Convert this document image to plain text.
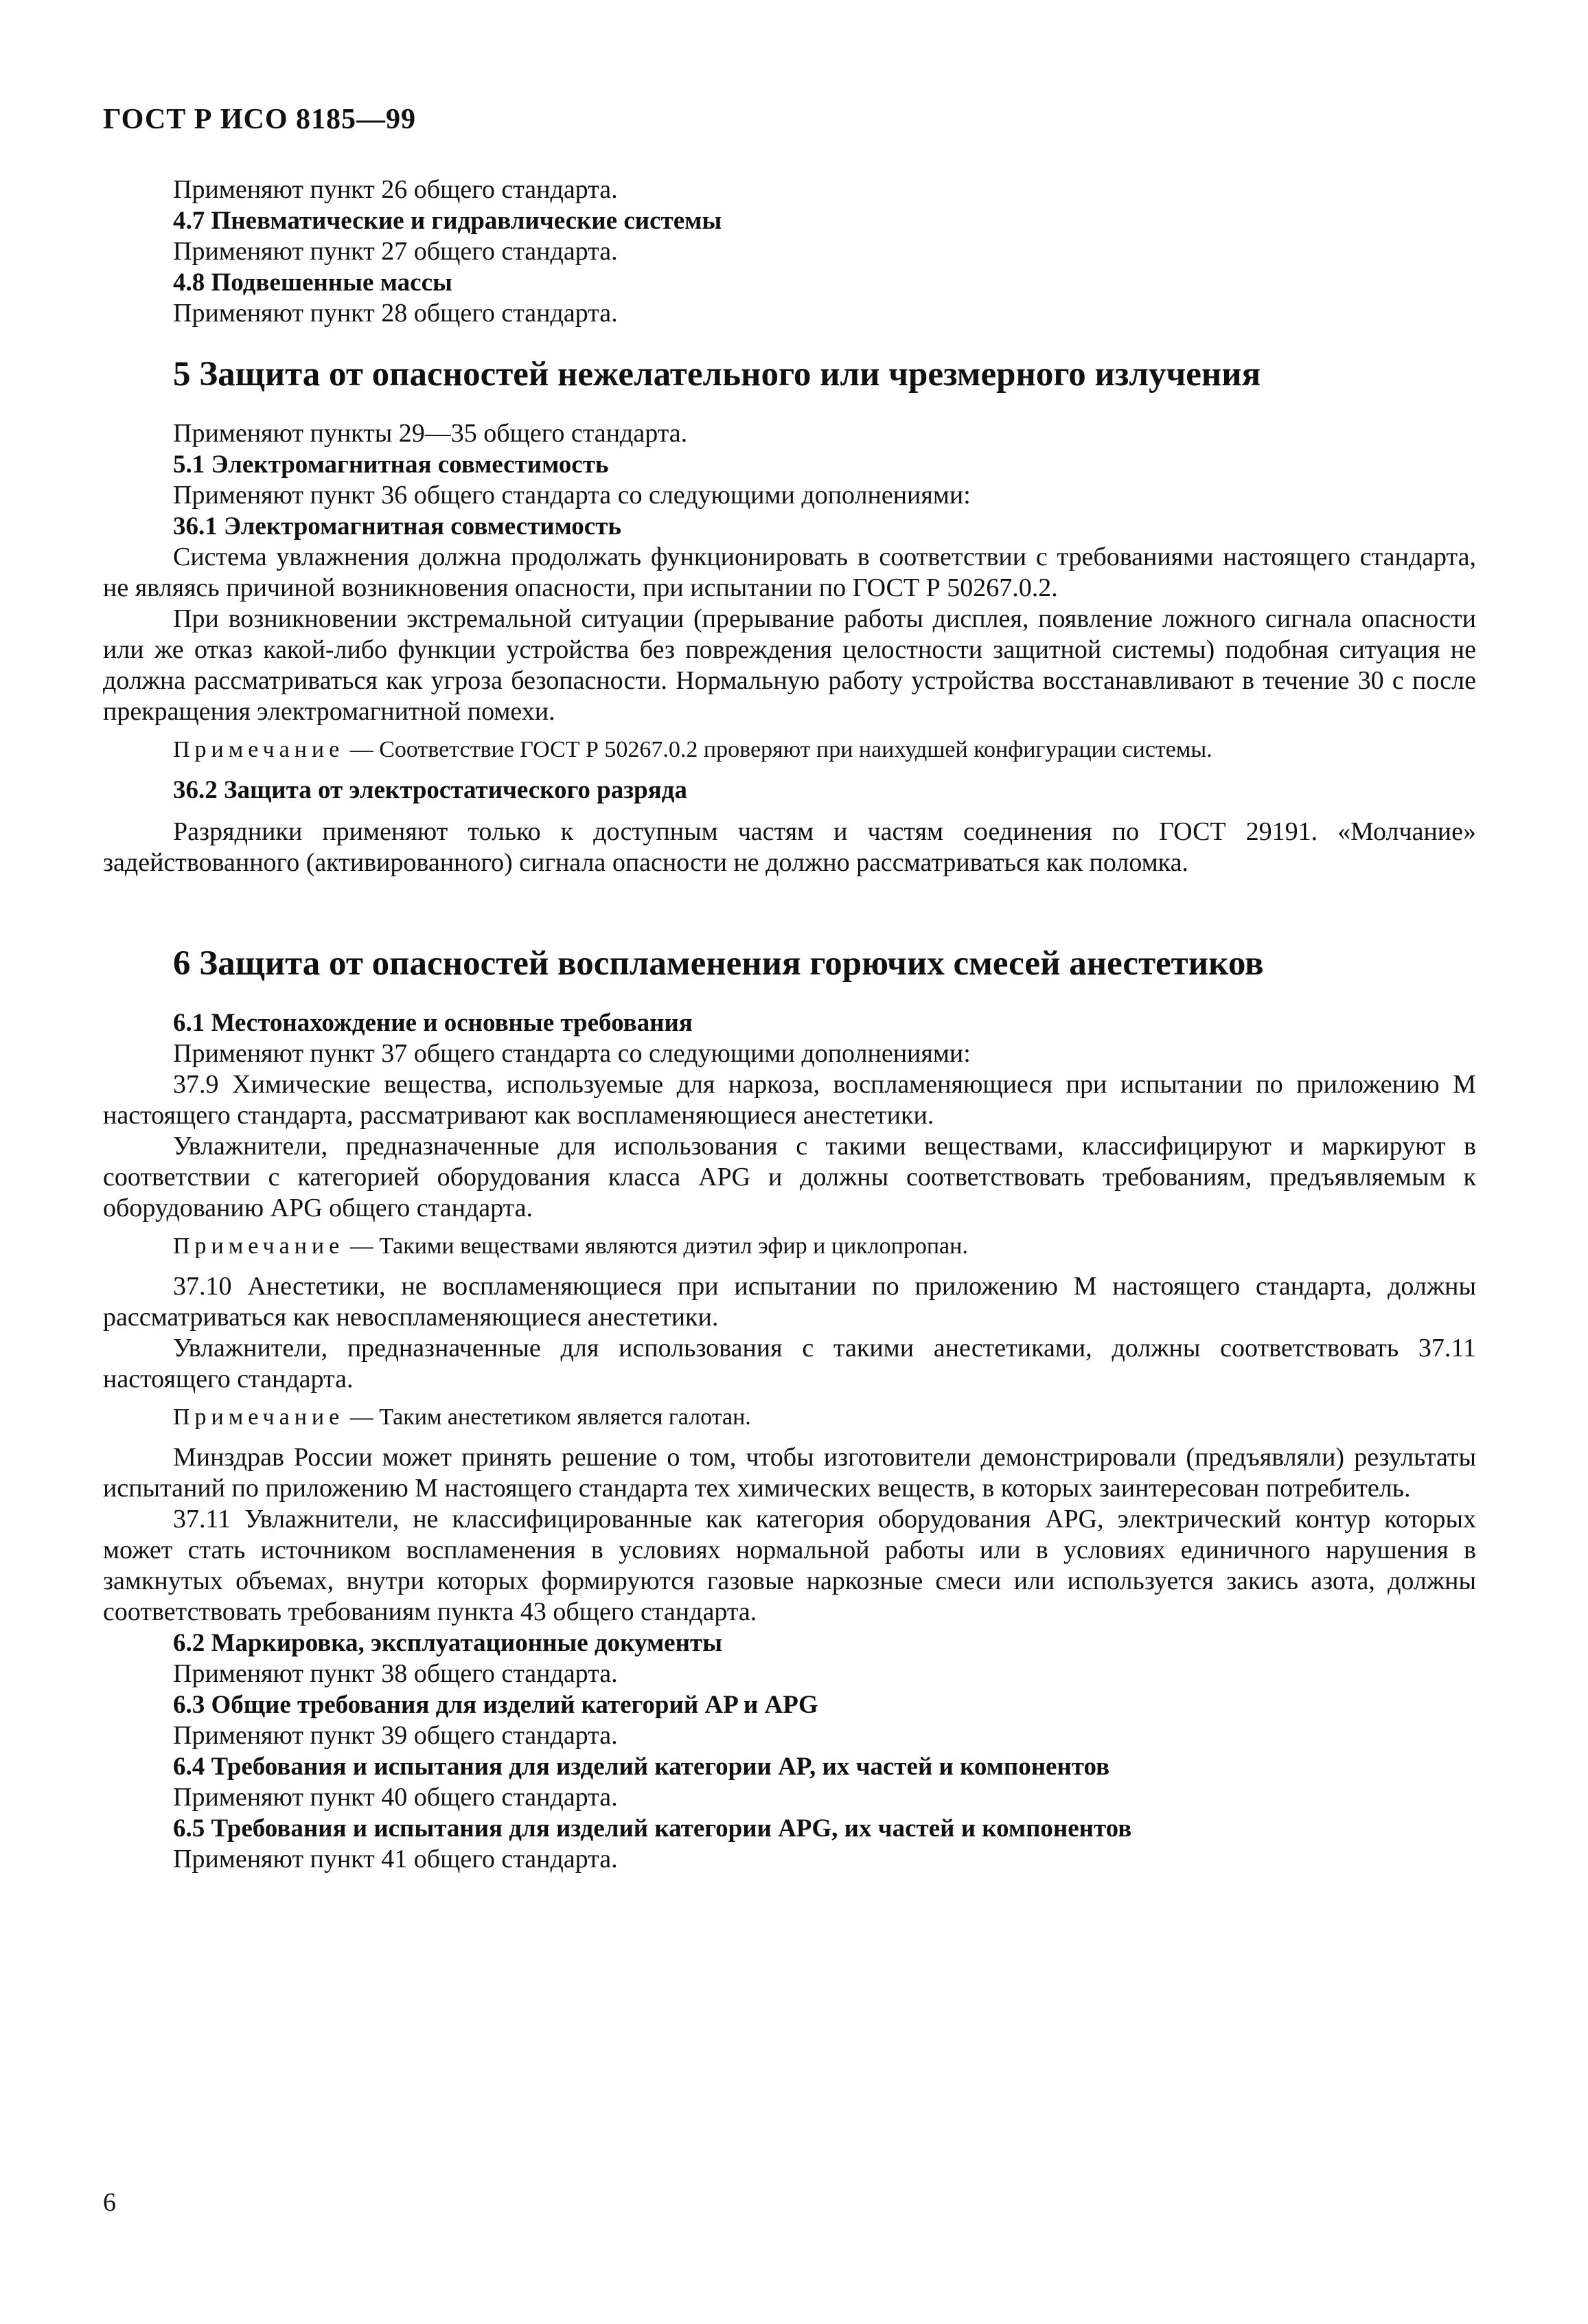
ГОСТ Р ИСО 8185—99

Применяют пункт 26 общего стандарта.

4.7 Пневматические и гидравлические системы

Применяют пункт 27 общего стандарта.

4.8 Подвешенные массы

Применяют пункт 28 общего стандарта.

5 Защита от опасностей нежелательного или чрезмерного излучения

Применяют пункты 29—35 общего стандарта.

5.1 Электромагнитная совместимость

Применяют пункт 36 общего стандарта со следующими дополнениями:

36.1 Электромагнитная совместимость

Система увлажнения должна продолжать функционировать в соответствии с требованиями настоящего стандарта, не являясь причиной возникновения опасности, при испытании по ГОСТ Р 50267.0.2.

При возникновении экстремальной ситуации (прерывание работы дисплея, появление ложного сигнала опасности или же отказ какой-либо функции устройства без повреждения целостности защитной системы) подобная ситуация не должна рассматриваться как угроза безопасности. Нормальную работу устройства восстанавливают в течение 30 с после прекращения электромагнитной помехи.

Примечание — Соответствие ГОСТ Р 50267.0.2 проверяют при наихудшей конфигурации системы.

36.2 Защита от электростатического разряда

Разрядники применяют только к доступным частям и частям соединения по ГОСТ 29191. «Молчание» задействованного (активированного) сигнала опасности не должно рассматриваться как поломка.

6 Защита от опасностей воспламенения горючих смесей анестетиков

6.1 Местонахождение и основные требования

Применяют пункт 37 общего стандарта со следующими дополнениями:

37.9 Химические вещества, используемые для наркоза, воспламеняющиеся при испытании по приложению М настоящего стандарта, рассматривают как воспламеняющиеся анестетики.

Увлажнители, предназначенные для использования с такими веществами, классифицируют и маркируют в соответствии с категорией оборудования класса APG и должны соответствовать требованиям, предъявляемым к оборудованию APG общего стандарта.

Примечание — Такими веществами являются диэтил эфир и циклопропан.

37.10 Анестетики, не воспламеняющиеся при испытании по приложению М настоящего стандарта, должны рассматриваться как невоспламеняющиеся анестетики.

Увлажнители, предназначенные для использования с такими анестетиками, должны соответствовать 37.11 настоящего стандарта.

Примечание — Таким анестетиком является галотан.

Минздрав России может принять решение о том, чтобы изготовители демонстрировали (предъявляли) результаты испытаний по приложению М настоящего стандарта тех химических веществ, в которых заинтересован потребитель.

37.11 Увлажнители, не классифицированные как категория оборудования APG, электрический контур которых может стать источником воспламенения в условиях нормальной работы или в условиях единичного нарушения в замкнутых объемах, внутри которых формируются газовые наркозные смеси или используется закись азота, должны соответствовать требованиям пункта 43 общего стандарта.

6.2 Маркировка, эксплуатационные документы

Применяют пункт 38 общего стандарта.

6.3 Общие требования для изделий категорий AP и APG

Применяют пункт 39 общего стандарта.

6.4 Требования и испытания для изделий категории AP, их частей и компонентов

Применяют пункт 40 общего стандарта.

6.5 Требования и испытания для изделий категории APG, их частей и компонентов

Применяют пункт 41 общего стандарта.

6
